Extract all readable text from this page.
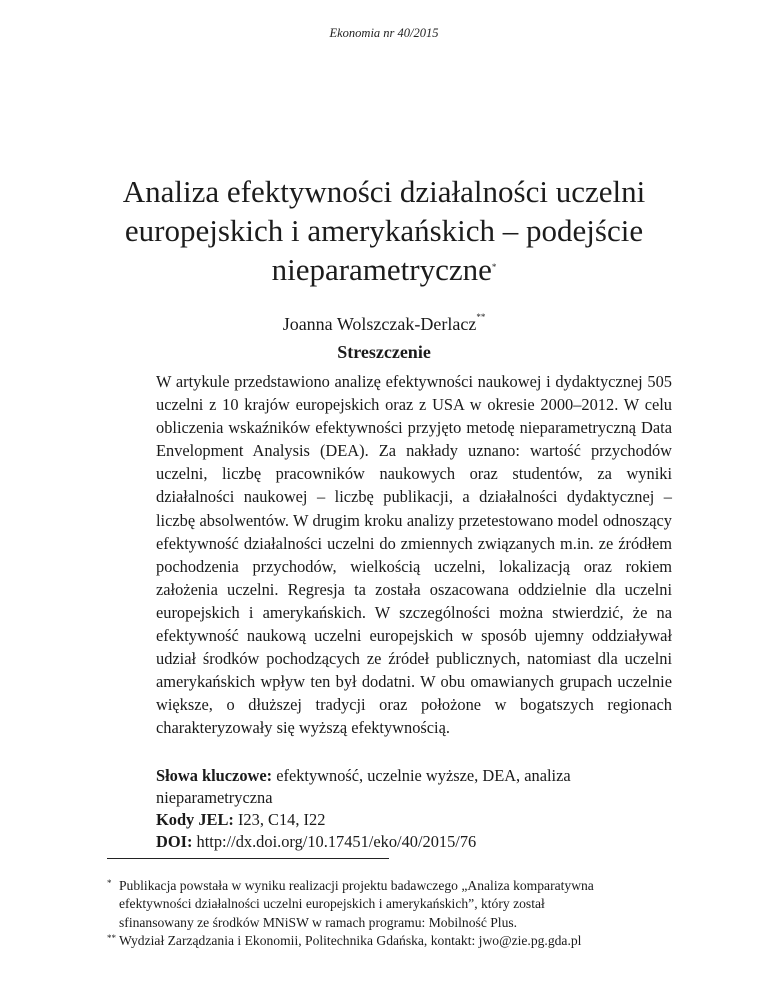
Ekonomia nr 40/2015
Analiza efektywności działalności uczelni
europejskich i amerykańskich – podejście
nieparametryczne*
Joanna Wolszczak-Derlacz**
Streszczenie

W artykule przedstawiono analizę efektywności naukowej i dydaktycznej 505 uczelni z 10 krajów europejskich oraz z USA w okresie 2000–2012. W celu obliczenia wskaźników efektywności przyjęto metodę nieparametryczną Data Envelopment Analysis (DEA). Za nakłady uznano: wartość przychodów uczelni, liczbę pracowników naukowych oraz studentów, za wyniki działalności naukowej – liczbę publikacji, a działalności dydaktycznej – liczbę absolwentów. W drugim kroku analizy przetestowano model odnoszący efektywność działalności uczelni do zmiennych związanych m.in. ze źródłem pochodzenia przychodów, wielkością uczelni, lokalizacją oraz rokiem założenia uczelni. Regresja ta została oszacowana oddzielnie dla uczelni europejskich i amerykańskich. W szczególności można stwierdzić, że na efektywność naukową uczelni europejskich w sposób ujemny oddziaływał udział środków pochodzących ze źródeł publicznych, natomiast dla uczelni amerykańskich wpływ ten był dodatni. W obu omawianych grupach uczelnie większe, o dłuższej tradycji oraz położone w bogatszych regionach charakteryzowały się wyższą efektywnością.

Słowa kluczowe: efektywność, uczelnie wyższe, DEA, analiza
nieparametryczna

Kody JEL: I23, C14, I22

DOI: http://dx.doi.org/10.17451/eko/40/2015/76

* Publikacja powstała w wyniku realizacji projektu badawczego „Analiza komparatywna
efektywności działalności uczelni europejskich i amerykańskich”, który został
sfinansowany ze środków MNiSW w ramach programu: Mobilność Plus.

** Wydział Zarządzania i Ekonomii, Politechnika Gdańska, kontakt: jwo@zie.pg.gda.pl
